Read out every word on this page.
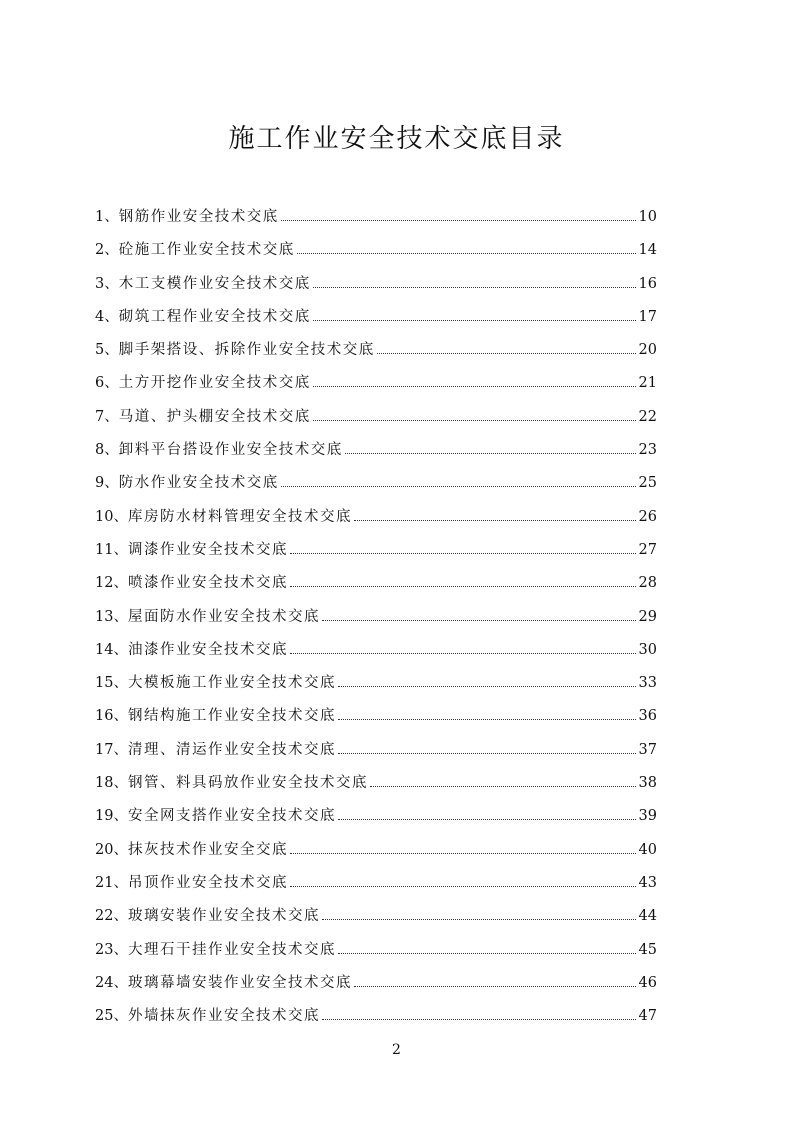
施工作业安全技术交底目录
1 、 钢筋作业安全技术交底	10
2 、 砼施工作业安全技术交底	14
3 、 木工支模作业安全技术交底	16
4 、 砌筑工程作业安全技术交底	17
5 、 脚手架搭设、拆除作业安全技术交底	20
6 、 土方开挖作业安全技术交底	21
7 、 马道、护头棚安全技术交底	22
8 、 卸料平台搭设作业安全技术交底	23
9 、 防水作业安全技术交底	25
10 、 库房防水材料管理安全技术交底	26
11 、 调漆作业安全技术交底	27
12 、 喷漆作业安全技术交底	28
13 、 屋面防水作业安全技术交底	29
14 、 油漆作业安全技术交底	30
15 、 大模板施工作业安全技术交底	33
16 、 钢结构施工作业安全技术交底	36
17 、 清理、清运作业安全技术交底	37
18 、 钢管、料具码放作业安全技术交底	38
19 、 安全网支搭作业安全技术交底	39
20 、 抹灰技术作业安全交底	40
21 、 吊顶作业安全技术交底	43
22 、 玻璃安装作业安全技术交底	44
23 、 大理石干挂作业安全技术交底	45
24 、 玻璃幕墙安装作业安全技术交底	46
25 、 外墙抹灰作业安全技术交底	47
2
